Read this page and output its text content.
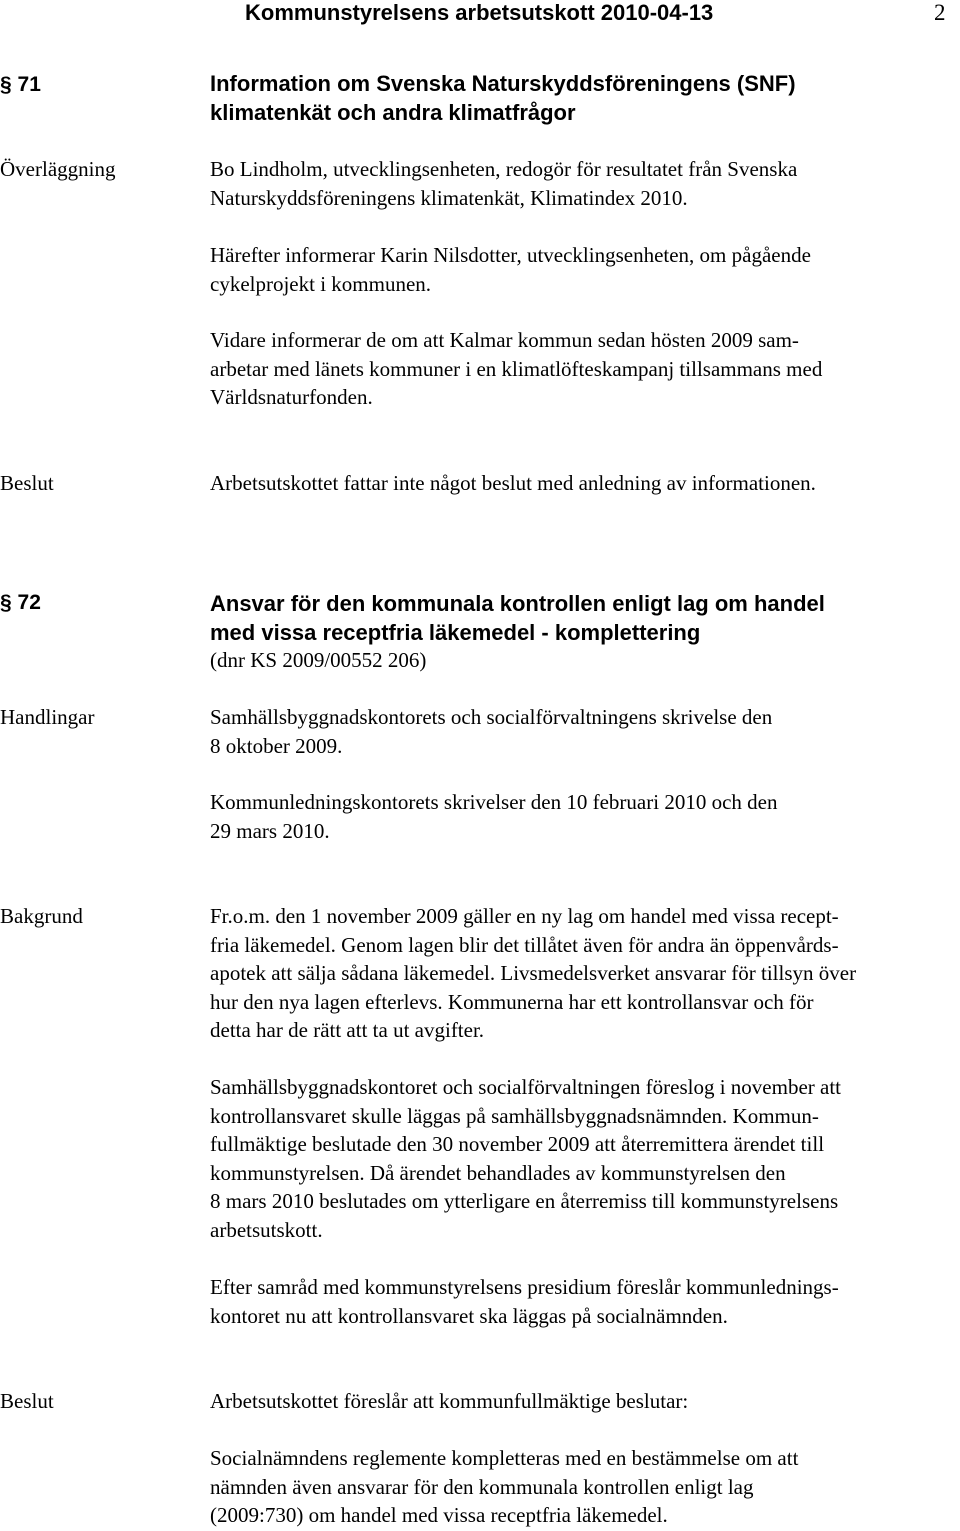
Kommunstyrelsens arbetsutskott 2010-04-13	2
§ 71	Information om Svenska Naturskyddsföreningens (SNF)
klimatenkät och andra klimatfrågor
Överläggning	Bo Lindholm, utvecklingsenheten, redogör för resultatet från Svenska
Naturskyddsföreningens klimatenkät, Klimatindex 2010.
Härefter informerar Karin Nilsdotter, utvecklingsenheten, om pågående
cykelprojekt i kommunen.
Vidare informerar de om att Kalmar kommun sedan hösten 2009 sam-
arbetar med länets kommuner i en klimatlöfteskampanj tillsammans med
Världsnaturfonden.
Beslut	Arbetsutskottet fattar inte något beslut med anledning av informationen.
§ 72	Ansvar för den kommunala kontrollen enligt lag om handel
med vissa receptfria läkemedel - komplettering
(dnr KS 2009/00552 206)
Handlingar	Samhällsbyggnadskontorets och socialförvaltningens skrivelse den
8 oktober 2009.
Kommunledningskontorets skrivelser den 10 februari 2010 och den
29 mars 2010.
Bakgrund	Fr.o.m. den 1 november 2009 gäller en ny lag om handel med vissa recept-
fria läkemedel. Genom lagen blir det tillåtet även för andra än öppenvårds-
apotek att sälja sådana läkemedel. Livsmedelsverket ansvarar för tillsyn över
hur den nya lagen efterlevs. Kommunerna har ett kontrollansvar och för
detta har de rätt att ta ut avgifter.
Samhällsbyggnadskontoret och socialförvaltningen föreslog i november att
kontrollansvaret skulle läggas på samhällsbyggnadsnämnden. Kommun-
fullmäktige beslutade den 30 november 2009 att återremittera ärendet till
kommunstyrelsen. Då ärendet behandlades av kommunstyrelsen den
8 mars 2010 beslutades om ytterligare en återremiss till kommunstyrelsens
arbetsutskott.
Efter samråd med kommunstyrelsens presidium föreslår kommunlednings-
kontoret nu att kontrollansvaret ska läggas på socialnämnden.
Beslut	Arbetsutskottet föreslår att kommunfullmäktige beslutar:
Socialnämndens reglemente kompletteras med en bestämmelse om att
nämnden även ansvarar för den kommunala kontrollen enligt lag
(2009:730) om handel med vissa receptfria läkemedel.
